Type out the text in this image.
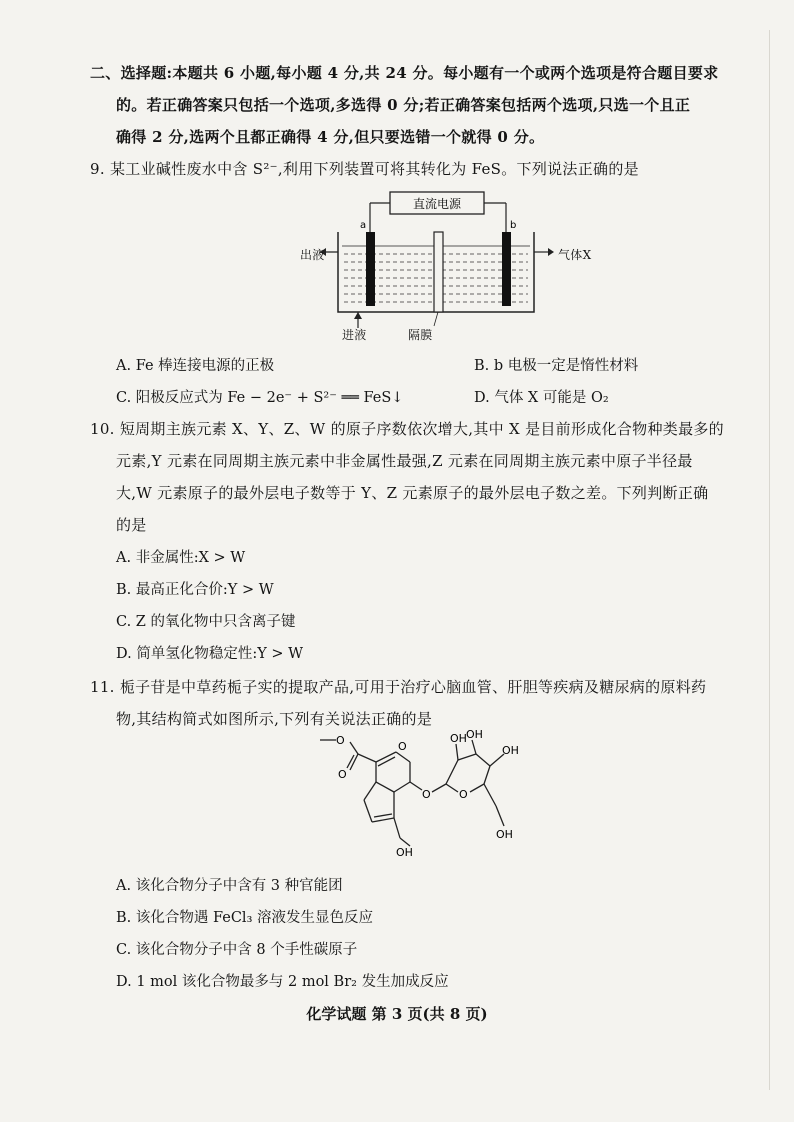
二、选择题:本题共 6 小题,每小题 4 分,共 24 分。每小题有一个或两个选项是符合题目要求
的。若正确答案只包括一个选项,多选得 0 分;若正确答案包括两个选项,只选一个且正
确得 2 分,选两个且都正确得 4 分,但只要选错一个就得 0 分。
9. 某工业碱性废水中含 S²⁻,利用下列装置可将其转化为 FeS。下列说法正确的是
直流电源
a	b
出液	气体X
进液	隔膜
A. Fe 棒连接电源的正极	B. b 电极一定是惰性材料
C. 阳极反应式为 Fe − 2e⁻ + S²⁻ ══ FeS↓	D. 气体 X 可能是 O₂
10. 短周期主族元素 X、Y、Z、W 的原子序数依次增大,其中 X 是目前形成化合物种类最多的
元素,Y 元素在同周期主族元素中非金属性最强,Z 元素在同周期主族元素中原子半径最
大,W 元素原子的最外层电子数等于 Y、Z 元素原子的最外层电子数之差。下列判断正确
的是
A. 非金属性:X > W
B. 最高正化合价:Y > W
C. Z 的氧化物中只含离子键
D. 简单氢化物稳定性:Y > W
11. 栀子苷是中草药栀子实的提取产品,可用于治疗心脑血管、肝胆等疾病及糖尿病的原料药
物,其结构简式如图所示,下列有关说法正确的是
O
O
O
O	O
OH OH
OH
OH
OH
A. 该化合物分子中含有 3 种官能团
B. 该化合物遇 FeCl₃ 溶液发生显色反应
C. 该化合物分子中含 8 个手性碳原子
D. 1 mol 该化合物最多与 2 mol Br₂ 发生加成反应
化学试题 第 3 页(共 8 页)
